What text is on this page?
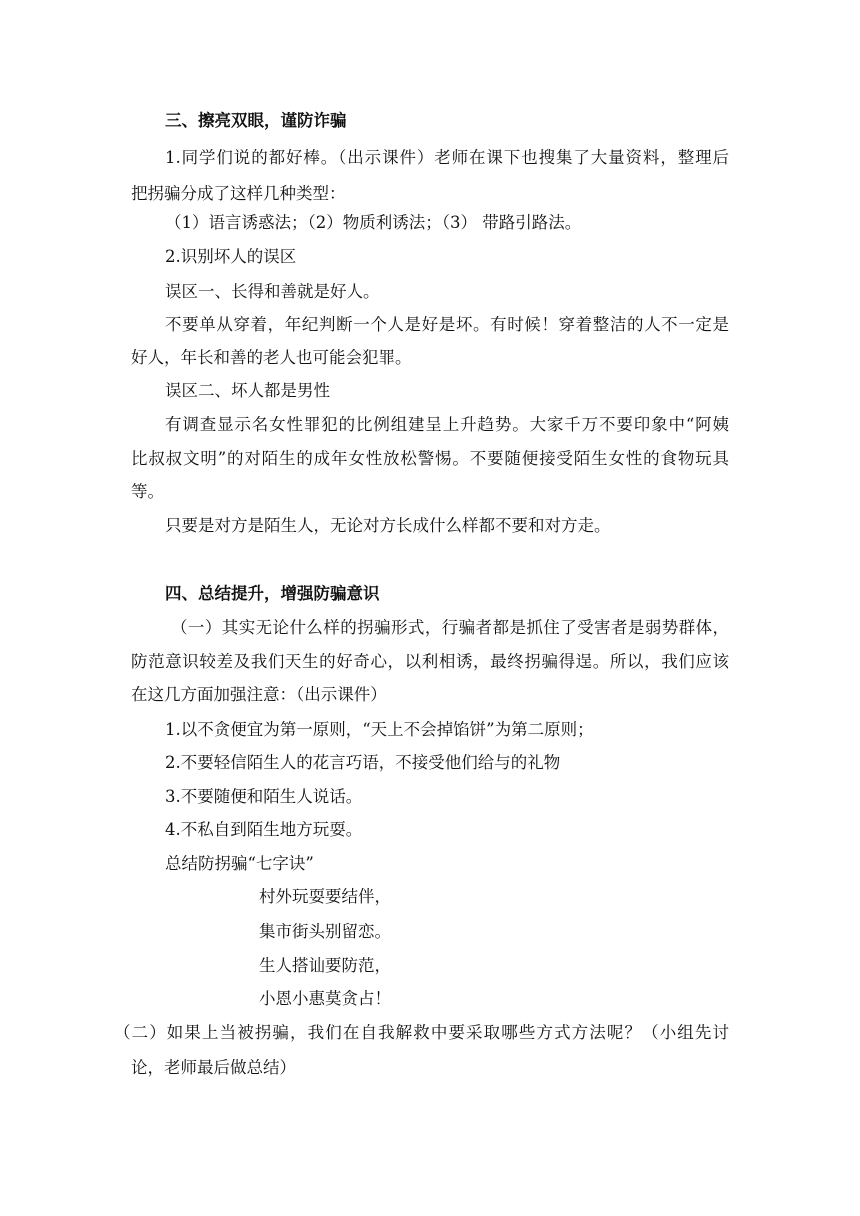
三、擦亮双眼，谨防诈骗
1.同学们说的都好棒。（出示课件）老师在课下也搜集了大量资料，整理后
把拐骗分成了这样几种类型：
（1）语言诱惑法；（2）物质利诱法；（3） 带路引路法。
2.识别坏人的误区
误区一、长得和善就是好人。
不要单从穿着，年纪判断一个人是好是坏。有时候！穿着整洁的人不一定是
好人，年长和善的老人也可能会犯罪。
误区二、坏人都是男性
有调查显示名女性罪犯的比例组建呈上升趋势。大家千万不要印象中“阿姨
比叔叔文明”的对陌生的成年女性放松警惕。不要随便接受陌生女性的食物玩具
等。
只要是对方是陌生人，无论对方长成什么样都不要和对方走。
四、总结提升，增强防骗意识
（一）其实无论什么样的拐骗形式，行骗者都是抓住了受害者是弱势群体，
防范意识较差及我们天生的好奇心，以利相诱，最终拐骗得逞。所以，我们应该
在这几方面加强注意：（出示课件）
1.以不贪便宜为第一原则，“天上不会掉馅饼”为第二原则；
2.不要轻信陌生人的花言巧语，不接受他们给与的礼物
3.不要随便和陌生人说话。
4.不私自到陌生地方玩耍。
总结防拐骗“七字诀”
村外玩耍要结伴，
集市街头别留恋。
生人搭讪要防范，
小恩小惠莫贪占！
（二）如果上当被拐骗，我们在自我解救中要采取哪些方式方法呢？（小组先讨
论，老师最后做总结）
